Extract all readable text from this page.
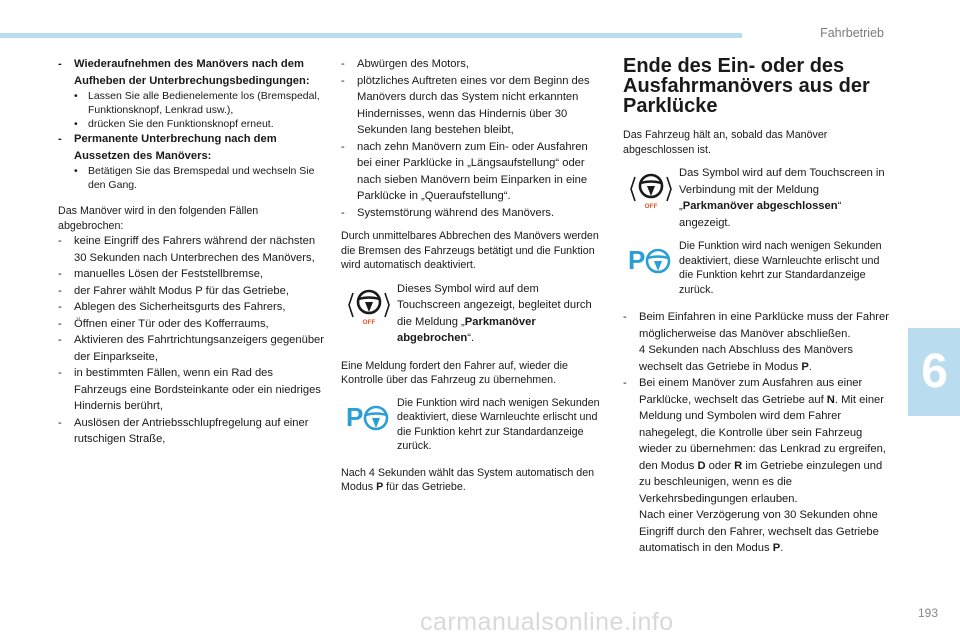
Fahrbetrieb
6
193
carmanualsonline.info

- Wiederaufnehmen des Manövers nach dem Aufheben der Unterbrechungsbedingungen:

• Lassen Sie alle Bedienelemente los (Bremspedal, Funktionsknopf, Lenkrad usw.),

• drücken Sie den Funktionsknopf erneut.

- Permanente Unterbrechung nach dem Aussetzen des Manövers:

• Betätigen Sie das Bremspedal und wechseln Sie den Gang.

Das Manöver wird in den folgenden Fällen abgebrochen:

- keine Eingriff des Fahrers während der nächsten 30 Sekunden nach Unterbrechen des Manövers,

- manuelles Lösen der Feststellbremse,

- der Fahrer wählt Modus P für das Getriebe,

- Ablegen des Sicherheitsgurts des Fahrers,

- Öffnen einer Tür oder des Kofferraums,

- Aktivieren des Fahrtrichtungsanzeigers gegenüber der Einparkseite,

- in bestimmten Fällen, wenn ein Rad des Fahrzeugs eine Bordsteinkante oder ein niedriges Hindernis berührt,

- Auslösen der Antriebsschlupfregelung auf einer rutschigen Straße,

- Abwürgen des Motors,

- plötzliches Auftreten eines vor dem Beginn des Manövers durch das System nicht erkannten Hindernisses, wenn das Hindernis über 30 Sekunden lang bestehen bleibt,

- nach zehn Manövern zum Ein- oder Ausfahren bei einer Parklücke in „Längsaufstellung“ oder nach sieben Manövern beim Einparken in eine Parklücke in „Queraufstellung“.

- Systemstörung während des Manövers.

Durch unmittelbares Abbrechen des Manövers werden die Bremsen des Fahrzeugs betätigt und die Funktion wird automatisch deaktiviert.

OFF

Dieses Symbol wird auf dem Touchscreen angezeigt, begleitet durch die Meldung „Parkmanöver abgebrochen“.

Eine Meldung fordert den Fahrer auf, wieder die Kontrolle über das Fahrzeug zu übernehmen.

P	Die Funktion wird nach wenigen Sekunden deaktiviert, diese Warnleuchte erlischt und die Funktion kehrt zur Standardanzeige zurück.

Nach 4 Sekunden wählt das System automatisch den Modus P für das Getriebe.

Ende des Ein- oder des Ausfahrmanövers aus der Parklücke

Das Fahrzeug hält an, sobald das Manöver abgeschlossen ist.

OFF

Das Symbol wird auf dem Touchscreen in Verbindung mit der Meldung „Parkmanöver abgeschlossen“ angezeigt.

P	Die Funktion wird nach wenigen Sekunden deaktiviert, diese Warnleuchte erlischt und die Funktion kehrt zur Standardanzeige zurück.

- Beim Einfahren in eine Parklücke muss der Fahrer möglicherweise das Manöver abschließen.

4 Sekunden nach Abschluss des Manövers wechselt das Getriebe in Modus P.

- Bei einem Manöver zum Ausfahren aus einer Parklücke, wechselt das Getriebe auf N. Mit einer Meldung und Symbolen wird dem Fahrer nahegelegt, die Kontrolle über sein Fahrzeug wieder zu übernehmen: das Lenkrad zu ergreifen, den Modus D oder R im Getriebe einzulegen und zu beschleunigen, wenn es die Verkehrsbedingungen erlauben.

Nach einer Verzögerung von 30 Sekunden ohne Eingriff durch den Fahrer, wechselt das Getriebe automatisch in den Modus P.
